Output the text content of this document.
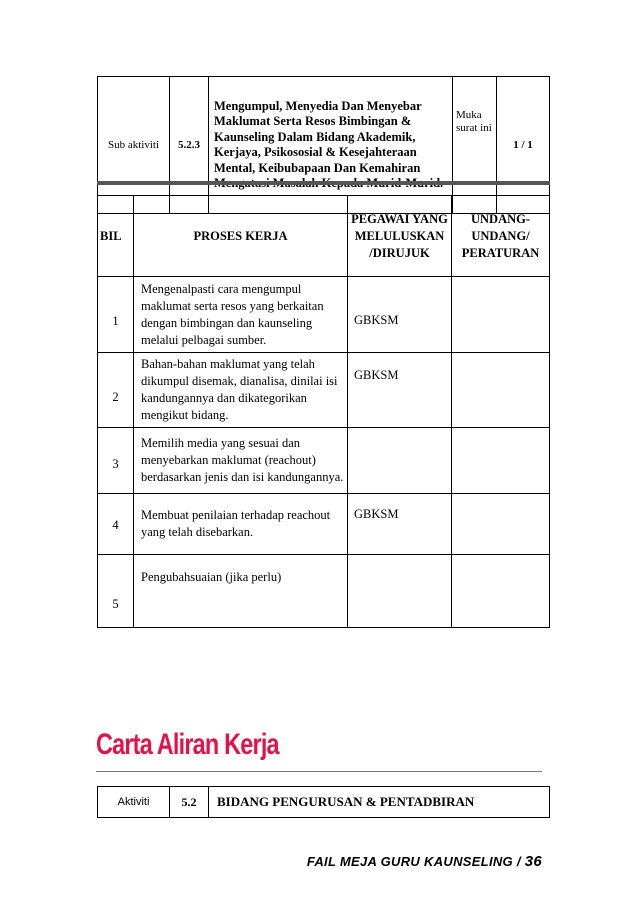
Sub aktiviti	5.2.3	Mengumpul, Menyedia Dan Menyebar Maklumat Serta Resos Bimbingan & Kaunseling Dalam Bidang Akademik, Kerjaya, Psikososial & Kesejahteraan Mental, Keibubapaan Dan Kemahiran	Muka surat ini	1 / 1
BIL	PROSES KERJA	PEGAWAI YANG MELULUSKAN /DIRUJUK	UNDANG-UNDANG/ PERATURAN
1	Mengenalpasti cara mengumpul maklumat serta resos yang berkaitan dengan bimbingan dan kaunseling melalui pelbagai sumber.	GBKSM	
2	Bahan-bahan maklumat yang telah dikumpul disemak, dianalisa, dinilai isi kandungannya dan dikategorikan mengikut bidang.	GBKSM	
3	Memilih media yang sesuai dan menyebarkan maklumat (reachout) berdasarkan jenis dan isi kandungannya.		
4	Membuat penilaian terhadap reachout yang telah disebarkan.	GBKSM	
5	Pengubahsuaian (jika perlu)		
Carta Aliran Kerja
Aktiviti	5.2	BIDANG PENGURUSAN & PENTADBIRAN
FAIL MEJA GURU KAUNSELING / 36
